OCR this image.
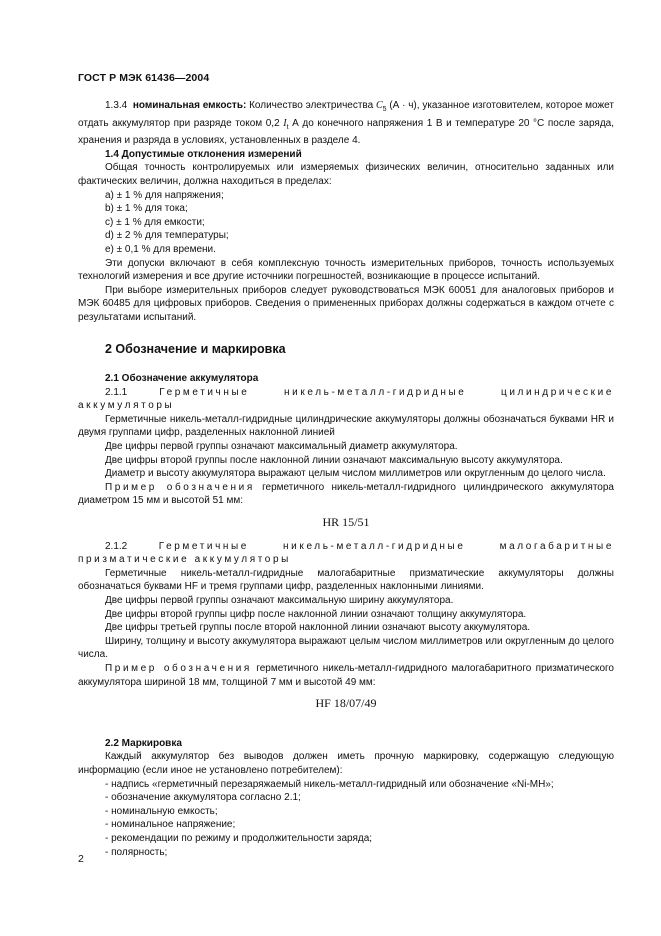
ГОСТ Р МЭК 61436—2004

1.3.4 номинальная емкость: Количество электричества $C_5$ (А · ч), указанное изготовителем, которое может отдать аккумулятор при разряде током 0,2 $I_t$ А до конечного напряжения 1 В и температуре 20 °С после заряда, хранения и разряда в условиях, установленных в разделе 4.

1.4 Допустимые отклонения измерений

Общая точность контролируемых или измеряемых физических величин, относительно заданных или фактических величин, должна находиться в пределах:

a) ± 1 % для напряжения;

b) ± 1 % для тока;

c) ± 1 % для емкости;

d) ± 2 % для температуры;

e) ± 0,1 % для времени.

Эти допуски включают в себя комплексную точность измерительных приборов, точность используемых технологий измерения и все другие источники погрешностей, возникающие в процессе испытаний.

При выборе измерительных приборов следует руководствоваться МЭК 60051 для аналоговых приборов и МЭК 60485 для цифровых приборов. Сведения о примененных приборах должны содержаться в каждом отчете с результатами испытаний.

2 Обозначение и маркировка

2.1 Обозначение аккумулятора

2.1.1 Герметичные никель-металл-гидридные цилиндрические аккумуляторы

Герметичные никель-металл-гидридные цилиндрические аккумуляторы должны обозначаться буквами HR и двумя группами цифр, разделенных наклонной линией

Две цифры первой группы означают максимальный диаметр аккумулятора.

Две цифры второй группы после наклонной линии означают максимальную высоту аккумулятора.

Диаметр и высоту аккумулятора выражают целым числом миллиметров или округленным до целого числа.

Пример обозначения герметичного никель-металл-гидридного цилиндрического аккумулятора диаметром 15 мм и высотой 51 мм:

HR 15/51

2.1.2 Герметичные никель-металл-гидридные малогабаритные призматические аккумуляторы

Герметичные никель-металл-гидридные малогабаритные призматические аккумуляторы должны обозначаться буквами HF и тремя группами цифр, разделенных наклонными линиями.

Две цифры первой группы означают максимальную ширину аккумулятора.

Две цифры второй группы цифр после наклонной линии означают толщину аккумулятора.

Две цифры третьей группы после второй наклонной линии означают высоту аккумулятора.

Ширину, толщину и высоту аккумулятора выражают целым числом миллиметров или округленным до целого числа.

Пример обозначения герметичного никель-металл-гидридного малогабаритного призматического аккумулятора шириной 18 мм, толщиной 7 мм и высотой 49 мм:

HF 18/07/49

2.2 Маркировка

Каждый аккумулятор без выводов должен иметь прочную маркировку, содержащую следующую информацию (если иное не установлено потребителем):

- надпись «герметичный перезаряжаемый никель-металл-гидридный или обозначение «Ni-MH»;

- обозначение аккумулятора согласно 2.1;

- номинальную емкость;

- номинальное напряжение;

- рекомендации по режиму и продолжительности заряда;

- полярность;

2
